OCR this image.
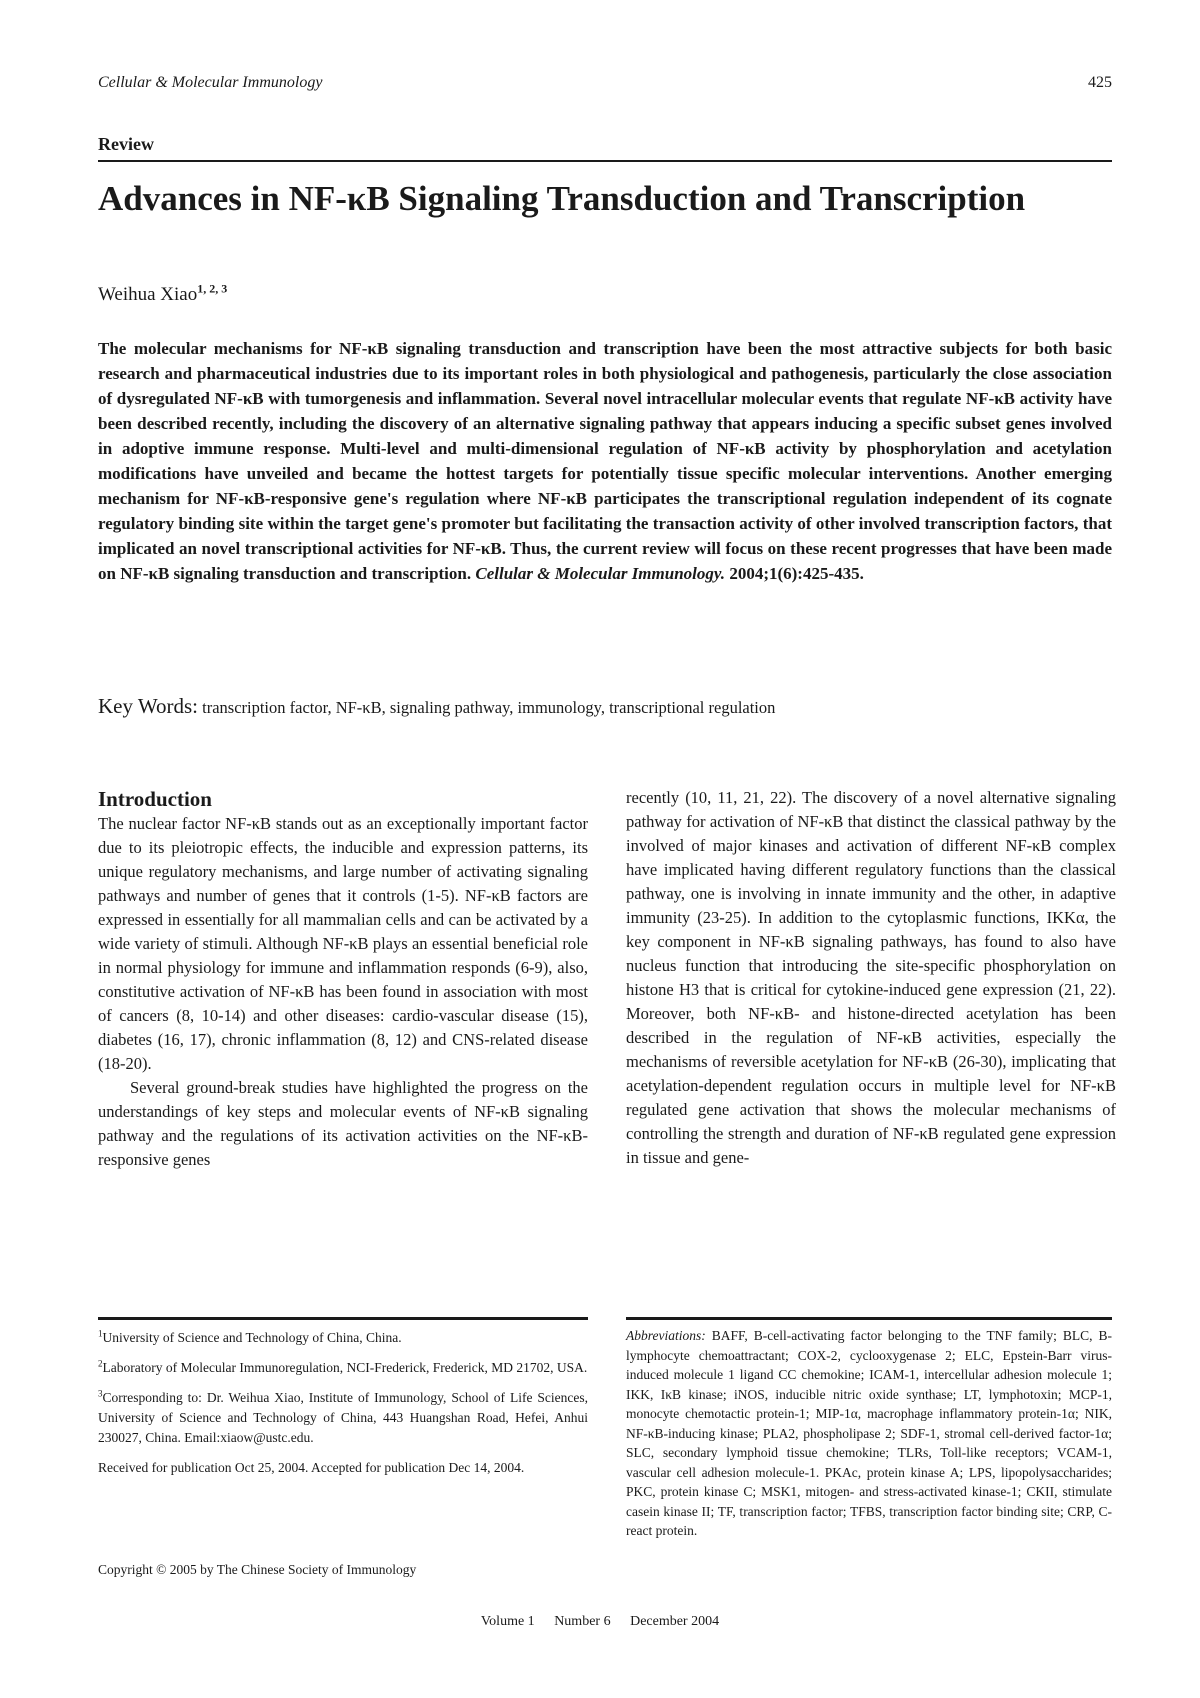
Cellular & Molecular Immunology	425
Review
Advances in NF-κB Signaling Transduction and Transcription
Weihua Xiao$^{1, 2, 3}$

The molecular mechanisms for NF-κB signaling transduction and transcription have been the most attractive subjects for both basic research and pharmaceutical industries due to its important roles in both physiological and pathogenesis, particularly the close association of dysregulated NF-κB with tumorgenesis and inflammation. Several novel intracellular molecular events that regulate NF-κB activity have been described recently, including the discovery of an alternative signaling pathway that appears inducing a specific subset genes involved in adoptive immune response. Multi-level and multi-dimensional regulation of NF-κB activity by phosphorylation and acetylation modifications have unveiled and became the hottest targets for potentially tissue specific molecular interventions. Another emerging mechanism for NF-κB-responsive gene's regulation where NF-κB participates the transcriptional regulation independent of its cognate regulatory binding site within the target gene's promoter but facilitating the transaction activity of other involved transcription factors, that implicated an novel transcriptional activities for NF-κB. Thus, the current review will focus on these recent progresses that have been made on NF-κB signaling transduction and transcription. Cellular & Molecular Immunology. 2004;1(6):425-435.

Key Words: transcription factor, NF-κB, signaling pathway, immunology, transcriptional regulation

Introduction

The nuclear factor NF-κB stands out as an exceptionally important factor due to its pleiotropic effects, the inducible and expression patterns, its unique regulatory mechanisms, and large number of activating signaling pathways and number of genes that it controls (1-5). NF-κB factors are expressed in essentially for all mammalian cells and can be activated by a wide variety of stimuli. Although NF-κB plays an essential beneficial role in normal physiology for immune and inflammation responds (6-9), also, constitutive activation of NF-κB has been found in association with most of cancers (8, 10-14) and other diseases: cardio-vascular disease (15), diabetes (16, 17), chronic inflammation (8, 12) and CNS-related disease (18-20).

Several ground-break studies have highlighted the progress on the understandings of key steps and molecular events of NF-κB signaling pathway and the regulations of its activation activities on the NF-κB-responsive genes

recently (10, 11, 21, 22). The discovery of a novel alternative signaling pathway for activation of NF-κB that distinct the classical pathway by the involved of major kinases and activation of different NF-κB complex have implicated having different regulatory functions than the classical pathway, one is involving in innate immunity and the other, in adaptive immunity (23-25). In addition to the cytoplasmic functions, IKKα, the key component in NF-κB signaling pathways, has found to also have nucleus function that introducing the site-specific phosphorylation on histone H3 that is critical for cytokine-induced gene expression (21, 22). Moreover, both NF-κB- and histone-directed acetylation has been described in the regulation of NF-κB activities, especially the mechanisms of reversible acetylation for NF-κB (26-30), implicating that acetylation-dependent regulation occurs in multiple level for NF-κB regulated gene activation that shows the molecular mechanisms of controlling the strength and duration of NF-κB regulated gene expression in tissue and gene-

$^1$University of Science and Technology of China, China.

$^2$Laboratory of Molecular Immunoregulation, NCI-Frederick, Frederick, MD 21702, USA.

$^3$Corresponding to: Dr. Weihua Xiao, Institute of Immunology, School of Life Sciences, University of Science and Technology of China, 443 Huangshan Road, Hefei, Anhui 230027, China. Email:xiaow@ustc.edu.

Received for publication Oct 25, 2004. Accepted for publication Dec 14, 2004.

Copyright © 2005 by The Chinese Society of Immunology

Abbreviations: BAFF, B-cell-activating factor belonging to the TNF family; BLC, B-lymphocyte chemoattractant; COX-2, cyclooxygenase 2; ELC, Epstein-Barr virus-induced molecule 1 ligand CC chemokine; ICAM-1, intercellular adhesion molecule 1; IKK, IκB kinase; iNOS, inducible nitric oxide synthase; LT, lymphotoxin; MCP-1, monocyte chemotactic protein-1; MIP-1α, macrophage inflammatory protein-1α; NIK, NF-κB-inducing kinase; PLA2, phospholipase 2; SDF-1, stromal cell-derived factor-1α; SLC, secondary lymphoid tissue chemokine; TLRs, Toll-like receptors; VCAM-1, vascular cell adhesion molecule-1. PKAc, protein kinase A; LPS, lipopolysaccharides; PKC, protein kinase C; MSK1, mitogen- and stress-activated kinase-1; CKII, stimulate casein kinase II; TF, transcription factor; TFBS, transcription factor binding site; CRP, C-react protein.

Volume 1 Number 6 December 2004
